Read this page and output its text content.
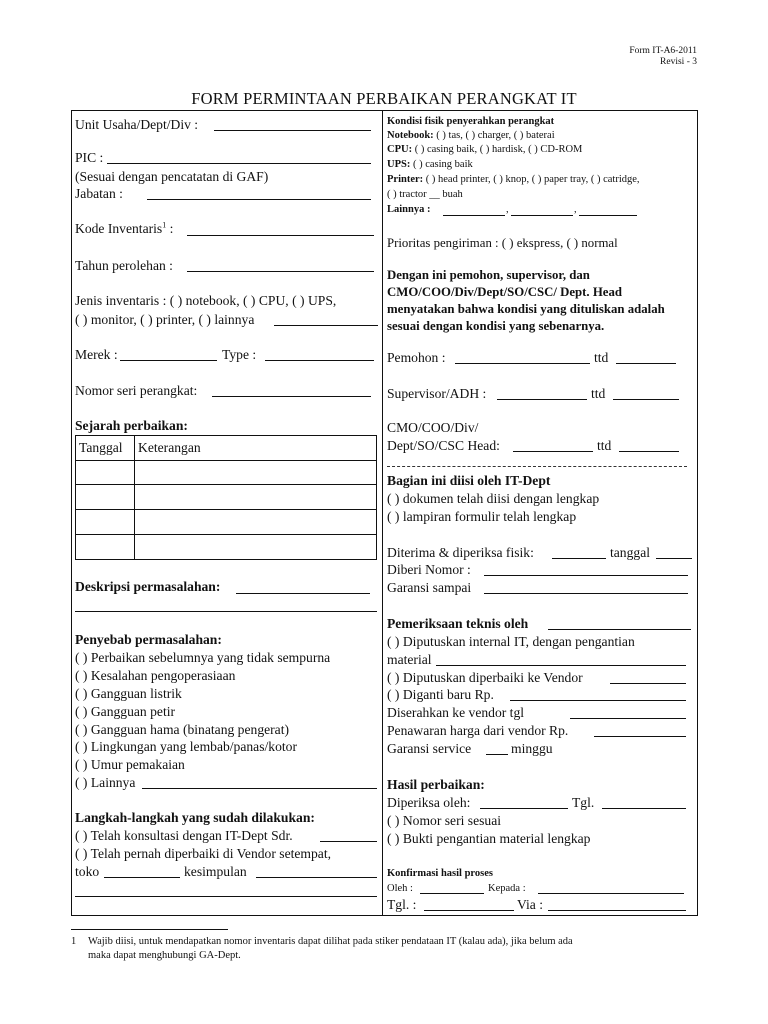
Form IT-A6-2011
Revisi - 3
FORM PERMINTAAN PERBAIKAN PERANGKAT IT
Unit Usaha/Dept/Div :
PIC :
(Sesuai dengan pencatatan di GAF)
Jabatan :
Kode Inventaris$^1$ :
Tahun perolehan :
Jenis inventaris : ( ) notebook, ( ) CPU, ( ) UPS,
( ) monitor, ( ) printer, ( ) lainnya
Merek :	Type :
Nomor seri perangkat:
Sejarah perbaikan:
Tanggal Keterangan
Deskripsi permasalahan:
Penyebab permasalahan:
( ) Perbaikan sebelumnya yang tidak sempurna
( ) Kesalahan pengoperasiaan
( ) Gangguan listrik
( ) Gangguan petir
( ) Gangguan hama (binatang pengerat)
( ) Lingkungan yang lembab/panas/kotor
( ) Umur pemakaian
( ) Lainnya
Langkah-langkah yang sudah dilakukan:
( ) Telah konsultasi dengan IT-Dept Sdr.
( ) Telah pernah diperbaiki di Vendor setempat,
toko	kesimpulan
Kondisi fisik penyerahkan perangkat
Notebook: ( ) tas, ( ) charger, ( ) baterai
CPU: ( ) casing baik, ( ) hardisk, ( ) CD-ROM
UPS: ( ) casing baik
Printer: ( ) head printer, ( ) knop, ( ) paper tray, ( ) catridge,
( ) tractor __ buah
Lainnya :	,	,
Prioritas pengiriman : ( ) ekspress, ( ) normal
Dengan ini pemohon, supervisor, dan
CMO/COO/Div/Dept/SO/CSC/ Dept. Head
menyatakan bahwa kondisi yang dituliskan adalah
sesuai dengan kondisi yang sebenarnya.
Pemohon :	ttd
Supervisor/ADH :	ttd
CMO/COO/Div/
Dept/SO/CSC Head:	ttd
Bagian ini diisi oleh IT-Dept
( ) dokumen telah diisi dengan lengkap
( ) lampiran formulir telah lengkap
Diterima & diperiksa fisik:	tanggal
Diberi Nomor :
Garansi sampai
Pemeriksaan teknis oleh
( ) Diputuskan internal IT, dengan pengantian
material
( ) Diputuskan diperbaiki ke Vendor
( ) Diganti baru Rp.
Diserahkan ke vendor tgl
Penawaran harga dari vendor Rp.
Garansi service	minggu
Hasil perbaikan:
Diperiksa oleh:	Tgl.
( ) Nomor seri sesuai
( ) Bukti pengantian material lengkap
Konfirmasi hasil proses
Oleh :	Kepada :
Tgl. :	Via :
1 Wajib diisi, untuk mendapatkan nomor inventaris dapat dilihat pada stiker pendataan IT (kalau ada), jika belum ada
maka dapat menghubungi GA-Dept.
